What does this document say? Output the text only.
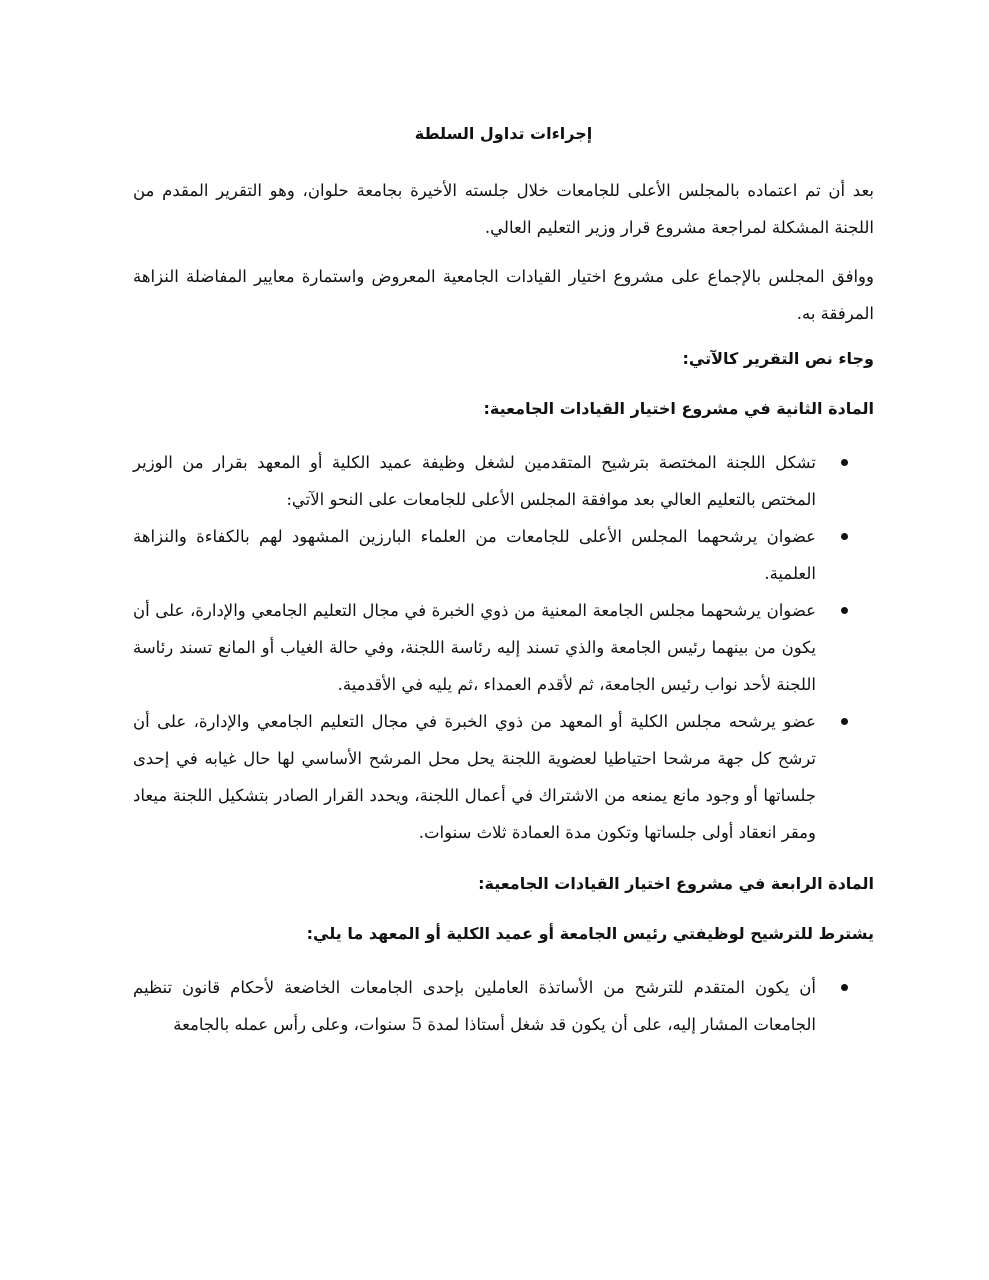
إجراءات تداول السلطة

بعد أن تم اعتماده بالمجلس الأعلى للجامعات خلال جلسته الأخيرة بجامعة حلوان، وهو التقرير المقدم من اللجنة المشكلة لمراجعة مشروع قرار وزير التعليم العالي.

ووافق المجلس بالإجماع على مشروع اختيار القيادات الجامعية المعروض واستمارة معايير المفاضلة النزاهة المرفقة به.

وجاء نص التقرير كالآتي:
المادة الثانية في مشروع اختيار القيادات الجامعية:
تشكل اللجنة المختصة بترشيح المتقدمين لشغل وظيفة عميد الكلية أو المعهد بقرار من الوزير المختص بالتعليم العالي بعد موافقة المجلس الأعلى للجامعات على النحو الآتي:
عضوان يرشحهما المجلس الأعلى للجامعات من العلماء البارزين المشهود لهم بالكفاءة والنزاهة العلمية.
عضوان يرشحهما مجلس الجامعة المعنية من ذوي الخبرة في مجال التعليم الجامعي والإدارة، على أن يكون من بينهما رئيس الجامعة والذي تسند إليه رئاسة اللجنة، وفي حالة الغياب أو المانع تسند رئاسة اللجنة لأحد نواب رئيس الجامعة، ثم لأقدم العمداء ،ثم يليه في الأقدمية.
عضو يرشحه مجلس الكلية أو المعهد من ذوي الخبرة في مجال التعليم الجامعي والإدارة، على أن ترشح كل جهة مرشحا احتياطيا لعضوية اللجنة يحل محل المرشح الأساسي لها حال غيابه في إحدى جلساتها أو وجود مانع يمنعه من الاشتراك في أعمال اللجنة، ويحدد القرار الصادر بتشكيل اللجنة ميعاد ومقر انعقاد أولى جلساتها وتكون مدة العمادة ثلاث سنوات.
المادة الرابعة في مشروع اختيار القيادات الجامعية:
يشترط للترشيح لوظيفتي رئيس الجامعة أو عميد الكلية أو المعهد ما يلي:
أن يكون المتقدم للترشح من الأساتذة العاملين بإحدى الجامعات الخاضعة لأحكام قانون تنظيم الجامعات المشار إليه، على أن يكون قد شغل أستاذا لمدة 5 سنوات، وعلى رأس عمله بالجامعة
